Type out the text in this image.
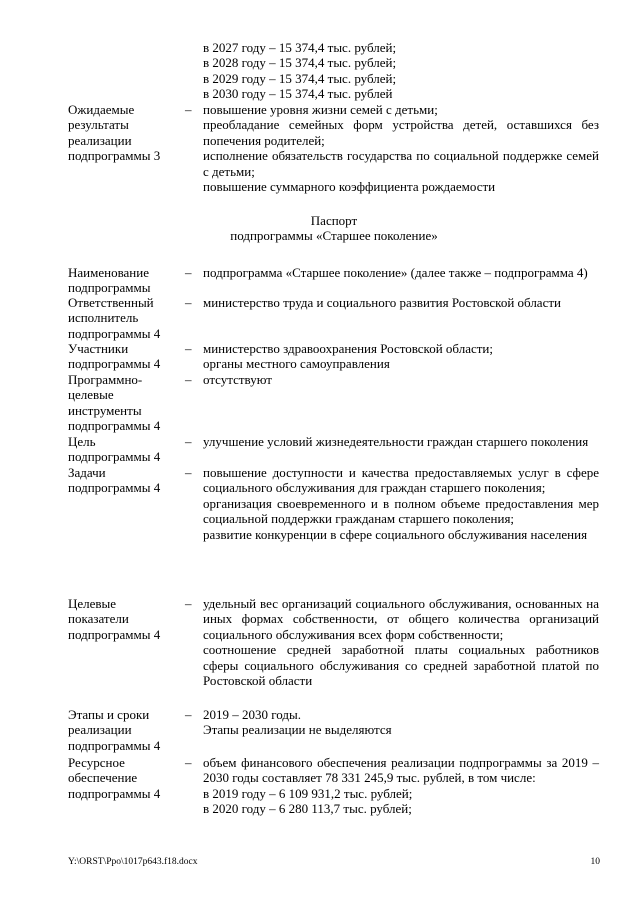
в 2027 году – 15 374,4 тыс. рублей;

в 2028 году – 15 374,4 тыс. рублей;

в 2029 году – 15 374,4 тыс. рублей;

в 2030 году – 15 374,4 тыс. рублей

Ожидаемые
результаты
реализации
подпрограммы 3
– повышение уровня жизни семей с детьми;

преобладание семейных форм устройства детей, оставшихся без попечения родителей;

исполнение обязательств государства по социальной поддержке семей с детьми;

повышение суммарного коэффициента рождаемости

Паспорт
подпрограммы «Старшее поколение»
Наименование
подпрограммы
– подпрограмма «Старшее поколение» (далее также – подпрограмма 4)

Ответственный
исполнитель
подпрограммы 4
– министерство труда и социального развития Ростовской области

Участники
подпрограммы 4
– министерство здравоохранения Ростовской области;

органы местного самоуправления

Программно-
целевые
инструменты
подпрограммы 4
– отсутствуют

Цель
подпрограммы 4
– улучшение условий жизнедеятельности граждан старшего поколения

Задачи
подпрограммы 4
– повышение доступности и качества предоставляемых услуг в сфере социального обслуживания для граждан старшего поколения;

организация своевременного и в полном объеме предоставления мер социальной поддержки гражданам старшего поколения;

развитие конкуренции в сфере социального обслуживания населения

Целевые
показатели
подпрограммы 4
– удельный вес организаций социального обслуживания, основанных на иных формах собственности, от общего количества организаций социального обслуживания всех форм собственности;

соотношение средней заработной платы социальных работников сферы социального обслуживания со средней заработной платой по Ростовской области

Этапы и сроки
реализации
подпрограммы 4
– 2019 – 2030 годы.

Этапы реализации не выделяются

Ресурсное
обеспечение
подпрограммы 4
– объем финансового обеспечения реализации подпрограммы за 2019 – 2030 годы составляет 78 331 245,9 тыс. рублей, в том числе:

в 2019 году – 6 109 931,2 тыс. рублей;

в 2020 году – 6 280 113,7 тыс. рублей;

Y:\ORST\Ppo\1017p643.f18.docx	10
